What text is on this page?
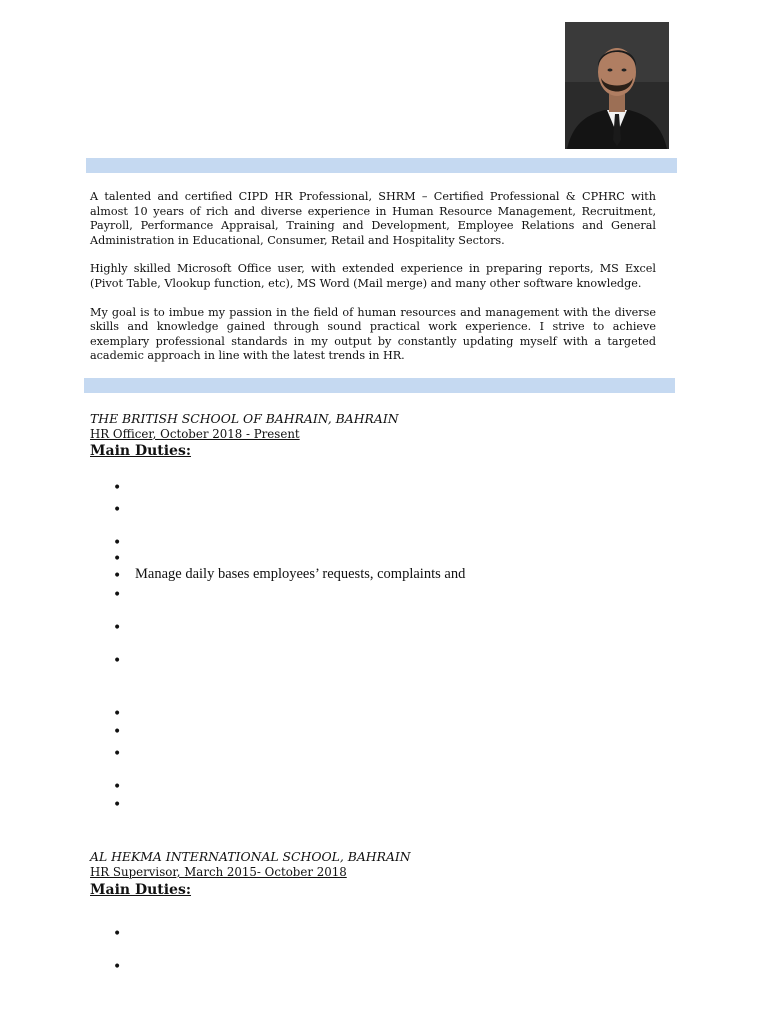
A talented and certified CIPD HR Professional, SHRM – Certified Professional & CPHRC with almost 10 years of rich and diverse experience in Human Resource Management, Recruitment, Payroll, Performance Appraisal, Training and Development, Employee Relations and General Administration in Educational, Consumer, Retail and Hospitality Sectors.

Highly skilled Microsoft Office user, with extended experience in preparing reports, MS Excel (Pivot Table, Vlookup function, etc), MS Word (Mail merge) and many other software knowledge.

My goal is to imbue my passion in the field of human resources and management with the diverse skills and knowledge gained through sound practical work experience. I strive to achieve exemplary professional standards in my output by constantly updating myself with a targeted academic approach in line with the latest trends in HR.

THE BRITISH SCHOOL OF BAHRAIN, BAHRAIN
HR Officer, October 2018 - Present
Main Duties:
•
•
•
•
• Manage daily bases employees’ requests, complaints and
•
•
•
•
•
•
•
•
AL HEKMA INTERNATIONAL SCHOOL, BAHRAIN
HR Supervisor, March 2015- October 2018
Main Duties:
•
•
